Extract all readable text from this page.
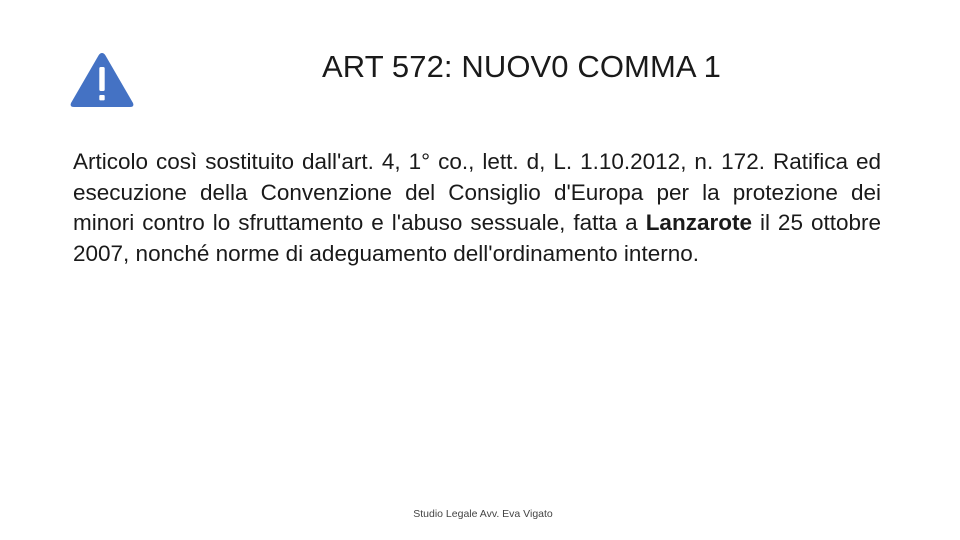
ART 572: NUOV0 COMMA 1

Articolo così sostituito dall'art. 4, 1° co., lett. d, L. 1.10.2012, n. 172. Ratifica ed esecuzione della Convenzione del Consiglio d'Europa per la protezione dei minori contro lo sfruttamento e l'abuso sessuale, fatta a Lanzarote il 25 ottobre 2007, nonché norme di adeguamento dell'ordinamento interno.

Studio Legale Avv. Eva Vigato
